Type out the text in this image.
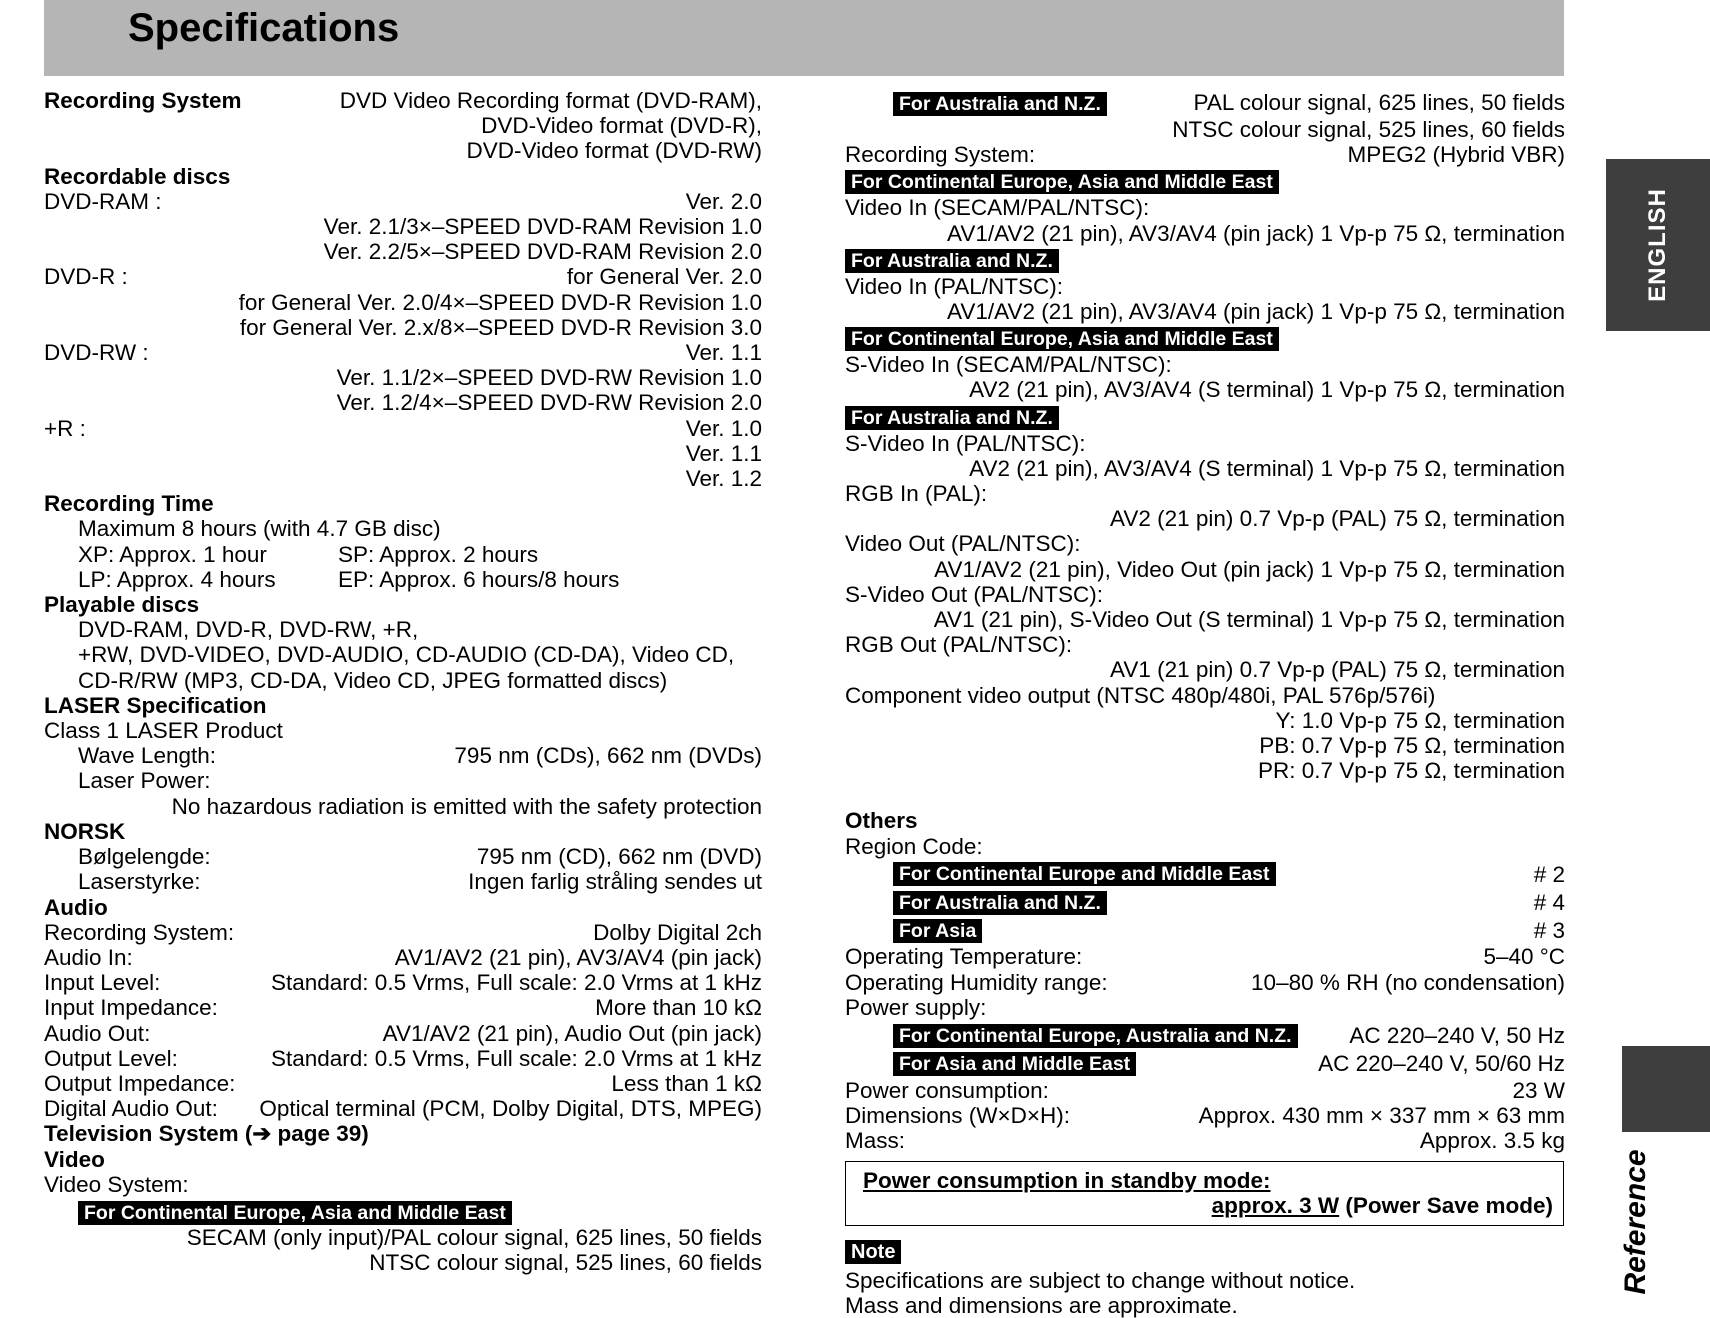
Specifications
ENGLISH
Reference
Recording System	DVD Video Recording format (DVD-RAM),
DVD-Video format (DVD-R),
DVD-Video format (DVD-RW)
Recordable discs
DVD-RAM :	Ver. 2.0
Ver. 2.1/3×–SPEED DVD-RAM Revision 1.0
Ver. 2.2/5×–SPEED DVD-RAM Revision 2.0
DVD-R :	for General Ver. 2.0
for General Ver. 2.0/4×–SPEED DVD-R Revision 1.0
for General Ver. 2.x/8×–SPEED DVD-R Revision 3.0
DVD-RW :	Ver. 1.1
Ver. 1.1/2×–SPEED DVD-RW Revision 1.0
Ver. 1.2/4×–SPEED DVD-RW Revision 2.0
+R :	Ver. 1.0
Ver. 1.1
Ver. 1.2
Recording Time
Maximum 8 hours (with 4.7 GB disc)
XP: Approx. 1 hour	SP: Approx. 2 hours
LP: Approx. 4 hours	EP: Approx. 6 hours/8 hours
Playable discs
DVD-RAM, DVD-R, DVD-RW, +R,
+RW, DVD-VIDEO, DVD-AUDIO, CD-AUDIO (CD-DA), Video CD,
CD-R/RW (MP3, CD-DA, Video CD, JPEG formatted discs)
LASER Specification
Class 1 LASER Product
Wave Length:	795 nm (CDs), 662 nm (DVDs)
Laser Power:
No hazardous radiation is emitted with the safety protection
NORSK
Bølgelengde:	795 nm (CD), 662 nm (DVD)
Laserstyrke:	Ingen farlig stråling sendes ut
Audio
Recording System:	Dolby Digital 2ch
Audio In:	AV1/AV2 (21 pin), AV3/AV4 (pin jack)
Input Level:	Standard: 0.5 Vrms, Full scale: 2.0 Vrms at 1 kHz
Input Impedance:	More than 10 kΩ
Audio Out:	AV1/AV2 (21 pin), Audio Out (pin jack)
Output Level:	Standard: 0.5 Vrms, Full scale: 2.0 Vrms at 1 kHz
Output Impedance:	Less than 1 kΩ
Digital Audio Out: Optical terminal (PCM, Dolby Digital, DTS, MPEG)
Television System (➔ page 39)
Video
Video System:
For Continental Europe, Asia and Middle East
SECAM (only input)/PAL colour signal, 625 lines, 50 fields
NTSC colour signal, 525 lines, 60 fields
For Australia and N.Z.	PAL colour signal, 625 lines, 50 fields
NTSC colour signal, 525 lines, 60 fields
Recording System:	MPEG2 (Hybrid VBR)
For Continental Europe, Asia and Middle East
Video In (SECAM/PAL/NTSC):
AV1/AV2 (21 pin), AV3/AV4 (pin jack) 1 Vp-p 75 Ω, termination
For Australia and N.Z.
Video In (PAL/NTSC):
AV1/AV2 (21 pin), AV3/AV4 (pin jack) 1 Vp-p 75 Ω, termination
For Continental Europe, Asia and Middle East
S-Video In (SECAM/PAL/NTSC):
AV2 (21 pin), AV3/AV4 (S terminal) 1 Vp-p 75 Ω, termination
For Australia and N.Z.
S-Video In (PAL/NTSC):
AV2 (21 pin), AV3/AV4 (S terminal) 1 Vp-p 75 Ω, termination
RGB In (PAL):
AV2 (21 pin) 0.7 Vp-p (PAL) 75 Ω, termination
Video Out (PAL/NTSC):
AV1/AV2 (21 pin), Video Out (pin jack) 1 Vp-p 75 Ω, termination
S-Video Out (PAL/NTSC):
AV1 (21 pin), S-Video Out (S terminal) 1 Vp-p 75 Ω, termination
RGB Out (PAL/NTSC):
AV1 (21 pin) 0.7 Vp-p (PAL) 75 Ω, termination
Component video output (NTSC 480p/480i, PAL 576p/576i)
Y: 1.0 Vp-p 75 Ω, termination
PB: 0.7 Vp-p 75 Ω, termination
PR: 0.7 Vp-p 75 Ω, termination
Others
Region Code:
For Continental Europe and Middle East	# 2
For Australia and N.Z.	# 4
For Asia	# 3
Operating Temperature:	5–40 °C
Operating Humidity range:	10–80 % RH (no condensation)
Power supply:
For Continental Europe, Australia and N.Z.	AC 220–240 V, 50 Hz
For Asia and Middle East	AC 220–240 V, 50/60 Hz
Power consumption:	23 W
Dimensions (W×D×H):	Approx. 430 mm × 337 mm × 63 mm
Mass:	Approx. 3.5 kg
Power consumption in standby mode:
approx. 3 W (Power Save mode)
Note
Specifications are subject to change without notice.
Mass and dimensions are approximate.
